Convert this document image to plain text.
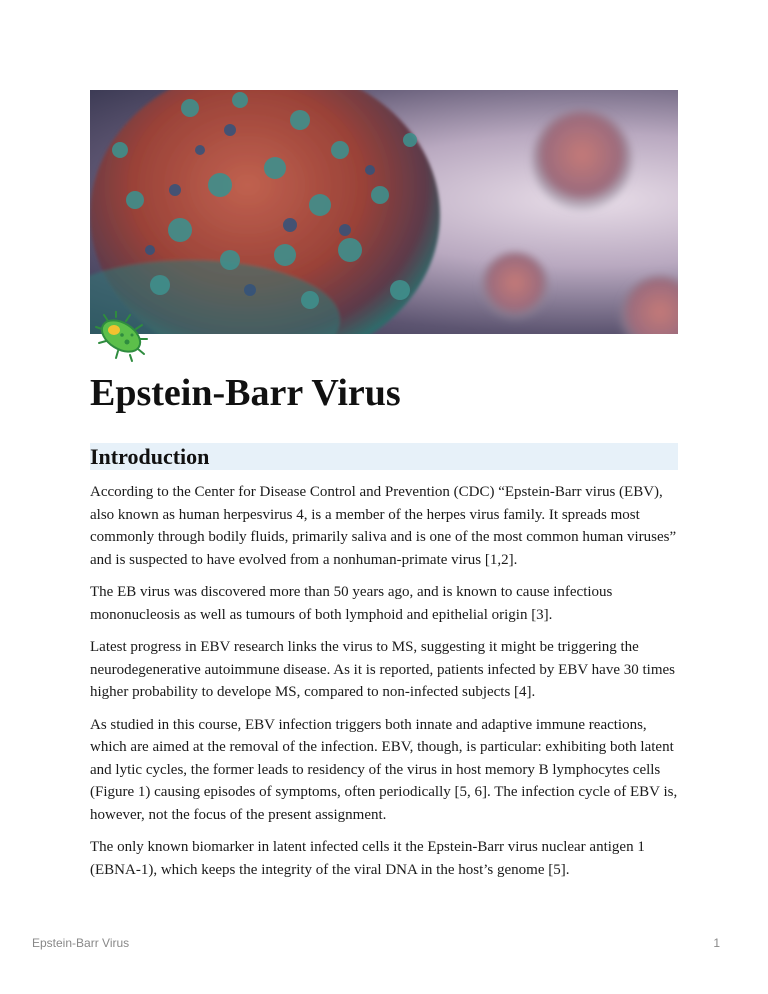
Epstein-Barr Virus
Introduction

According to the Center for Disease Control and Prevention (CDC) “Epstein-Barr virus (EBV), also known as human herpesvirus 4, is a member of the herpes virus family. It spreads most commonly through bodily fluids, primarily saliva and is one of the most common human viruses” and is suspected to have evolved from a nonhuman-primate virus [1,2].

The EB virus was discovered more than 50 years ago, and is known to cause infectious mononucleosis as well as tumours of both lymphoid and epithelial origin [3].

Latest progress in EBV research links the virus to MS, suggesting it might be triggering the neurodegenerative autoimmune disease. As it is reported, patients infected by EBV have 30 times higher probability to develope MS, compared to non-infected subjects [4].

As studied in this course, EBV infection triggers both innate and adaptive immune reactions, which are aimed at the removal of the infection. EBV, though, is particular: exhibiting both latent and lytic cycles, the former leads to residency of the virus in host memory B lymphocytes cells (Figure 1) causing episodes of symptoms, often periodically [5, 6]. The infection cycle of EBV is, however, not the focus of the present assignment.

The only known biomarker in latent infected cells it the Epstein-Barr virus nuclear antigen 1 (EBNA-1), which keeps the integrity of the viral DNA in the host’s genome [5].

Epstein-Barr Virus	1
